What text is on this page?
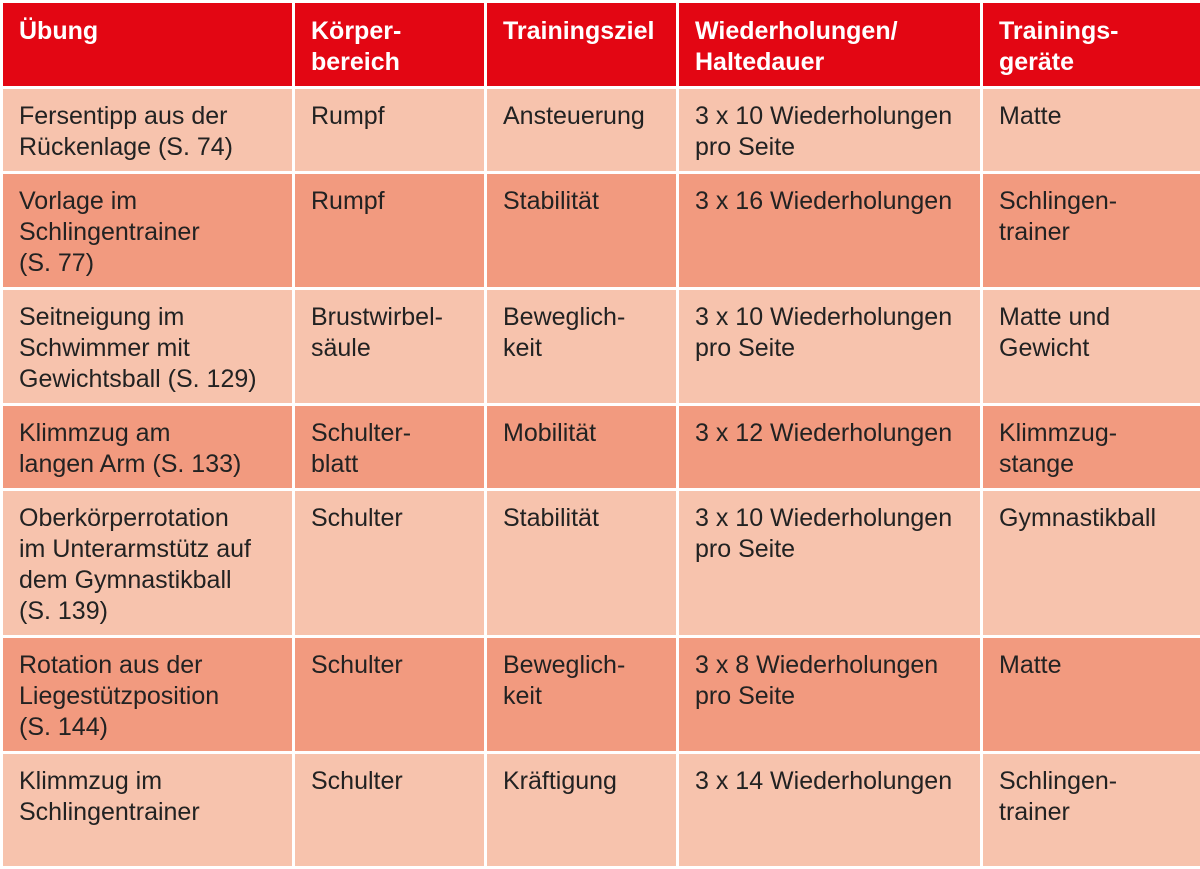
Übung	Körper-
bereich	Trainingsziel	Wiederholungen/
Haltedauer	Trainings-
geräte

Fersentipp aus der
Rückenlage (S. 74)	Rumpf	Ansteuerung	3 x 10 Wiederholungen
pro Seite	Matte

Vorlage im
Schlingentrainer
(S. 77)	Rumpf	Stabilität	3 x 16 Wiederholungen	Schlingen-
trainer

Seitneigung im
Schwimmer mit
Gewichtsball (S. 129)	Brustwirbel-
säule	Beweglich-
keit	3 x 10 Wiederholungen
pro Seite	Matte und
Gewicht

Klimmzug am
langen Arm (S. 133)	Schulter-
blatt	Mobilität	3 x 12 Wiederholungen	Klimmzug-
stange

Oberkörperrotation
im Unterarmstütz auf
dem Gymnastikball
(S. 139)	Schulter	Stabilität	3 x 10 Wiederholungen
pro Seite	Gymnastikball

Rotation aus der
Liegestützposition
(S. 144)	Schulter	Beweglich-
keit	3 x 8 Wiederholungen
pro Seite	Matte

Klimmzug im
Schlingentrainer	Schulter	Kräftigung	3 x 14 Wiederholungen	Schlingen-
trainer
